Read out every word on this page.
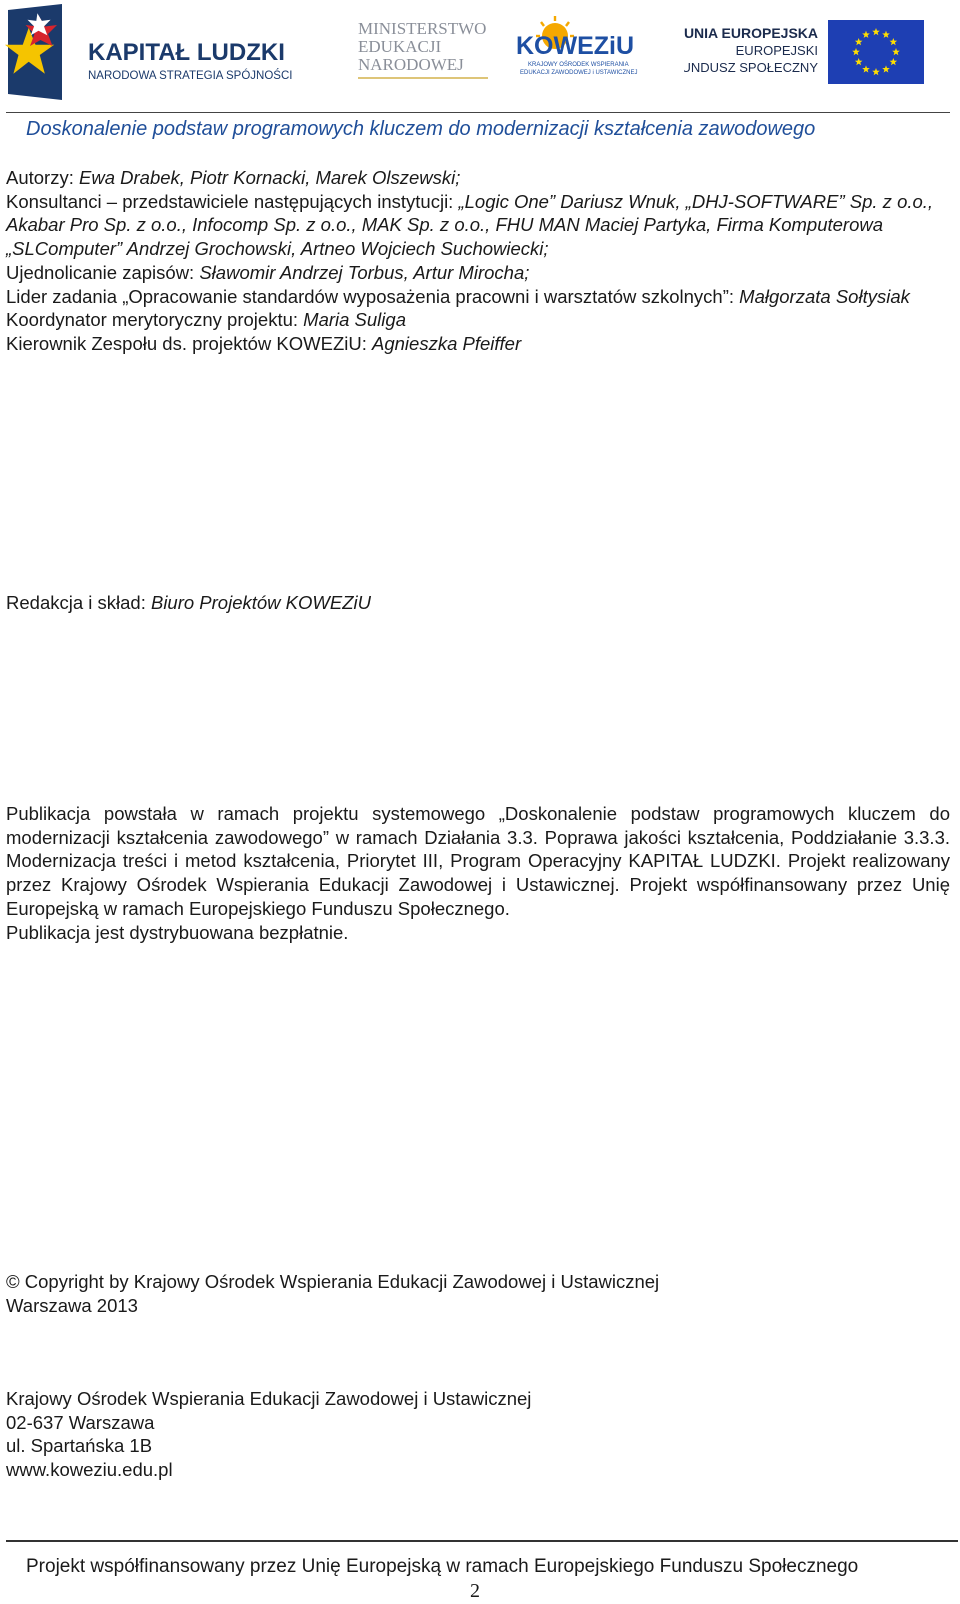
KAPITAŁ LUDZKI
NARODOWA STRATEGIA SPÓJNOŚCI
MINISTERSTWO
EDUKACJI
NARODOWEJ
KOWEZiU
KRAJOWY OŚRODEK WSPIERANIA
EDUKACJI ZAWODOWEJ i USTAWICZNEJ
UNIA EUROPEJSKA
EUROPEJSKI
FUNDUSZ SPOŁECZNY
Doskonalenie podstaw programowych kluczem do modernizacji kształcenia zawodowego

Autorzy: Ewa Drabek, Piotr Kornacki, Marek Olszewski;

Konsultanci – przedstawiciele następujących instytucji: „Logic One” Dariusz Wnuk, „DHJ-SOFTWARE” Sp. z o.o., Akabar Pro Sp. z o.o., Infocomp Sp. z o.o., MAK Sp. z o.o., FHU MAN Maciej Partyka, Firma Komputerowa „SLComputer” Andrzej Grochowski, Artneo Wojciech Suchowiecki;

Ujednolicanie zapisów: Sławomir Andrzej Torbus, Artur Mirocha;

Lider zadania „Opracowanie standardów wyposażenia pracowni i warsztatów szkolnych”: Małgorzata Sołtysiak

Koordynator merytoryczny projektu: Maria Suliga

Kierownik Zespołu ds. projektów KOWEZiU: Agnieszka Pfeiffer

Redakcja i skład: Biuro Projektów KOWEZiU

Publikacja powstała w ramach projektu systemowego „Doskonalenie podstaw programowych kluczem do modernizacji kształcenia zawodowego” w ramach Działania 3.3. Poprawa jakości kształcenia, Poddziałanie 3.3.3. Modernizacja treści i metod kształcenia, Priorytet III, Program Operacyjny KAPITAŁ LUDZKI. Projekt realizowany przez Krajowy Ośrodek Wspierania Edukacji Zawodowej i Ustawicznej. Projekt współfinansowany przez Unię Europejską w ramach Europejskiego Funduszu Społecznego.

Publikacja jest dystrybuowana bezpłatnie.

© Copyright by Krajowy Ośrodek Wspierania Edukacji Zawodowej i Ustawicznej

Warszawa 2013

Krajowy Ośrodek Wspierania Edukacji Zawodowej i Ustawicznej

02-637 Warszawa

ul. Spartańska 1B

www.koweziu.edu.pl

Projekt współfinansowany przez Unię Europejską w ramach Europejskiego Funduszu Społecznego
2
